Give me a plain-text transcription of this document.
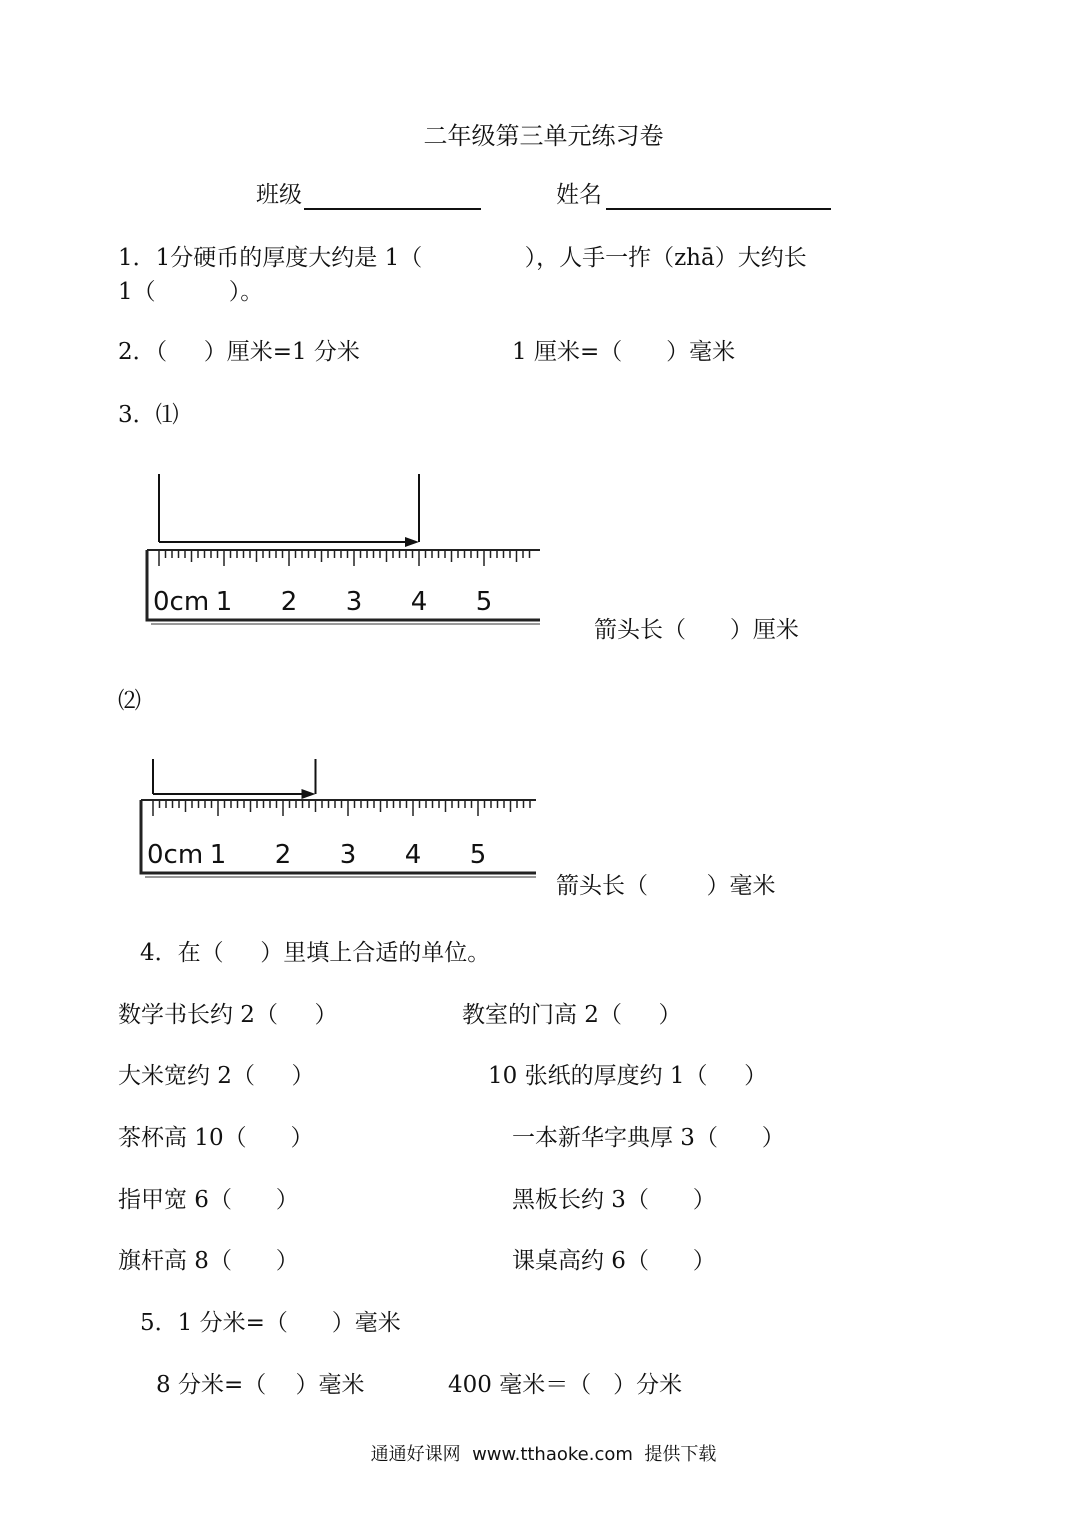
二年级第三单元练习卷
班级	姓名
1．1分硬币的厚度大约是 1（              ），人手一拃（zhā）大约长
1（          ）。
2．（     ）厘米=1 分米	1 厘米=（      ）毫米
3．⑴
0cm 1 2 3 4 5
箭头长（      ）厘米
⑵
0cm 1 2 3 4 5
箭头长（        ）毫米
4．在（     ）里填上合适的单位。
数学书长约 2（     ）	教室的门高 2（     ）
大米宽约 2（     ）	10 张纸的厚度约 1（     ）
茶杯高 10（      ）	一本新华字典厚 3（      ）
指甲宽 6（      ）	黑板长约 3（      ）
旗杆高 8（      ）	课桌高约 6（      ）
5．1 分米=（      ）毫米
8 分米=（    ）毫米	400 毫米＝（   ）分米
通通好课网  www.tthaoke.com  提供下载
